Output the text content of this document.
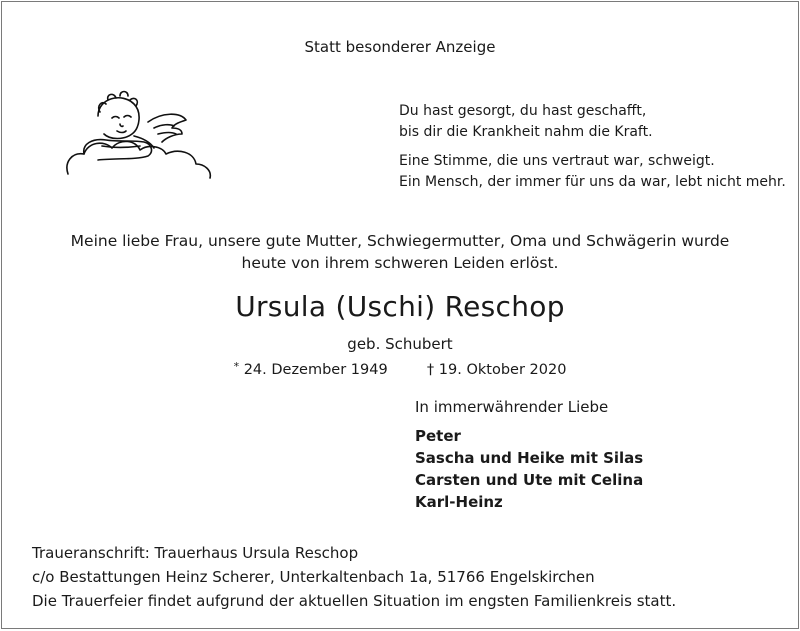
Statt besonderer Anzeige
Du hast gesorgt, du hast geschafft,
bis dir die Krankheit nahm die Kraft.
Eine Stimme, die uns vertraut war, schweigt.
Ein Mensch, der immer für uns da war, lebt nicht mehr.
Meine liebe Frau, unsere gute Mutter, Schwiegermutter, Oma und Schwägerin wurde
heute von ihrem schweren Leiden erlöst.
Ursula (Uschi) Reschop
geb. Schubert
* 24. Dezember 1949	† 19. Oktober 2020
In immerwährender Liebe
Peter
Sascha und Heike mit Silas
Carsten und Ute mit Celina
Karl-Heinz
Traueranschrift: Trauerhaus Ursula Reschop
c/o Bestattungen Heinz Scherer, Unterkaltenbach 1a, 51766 Engelskirchen
Die Trauerfeier findet aufgrund der aktuellen Situation im engsten Familienkreis statt.
